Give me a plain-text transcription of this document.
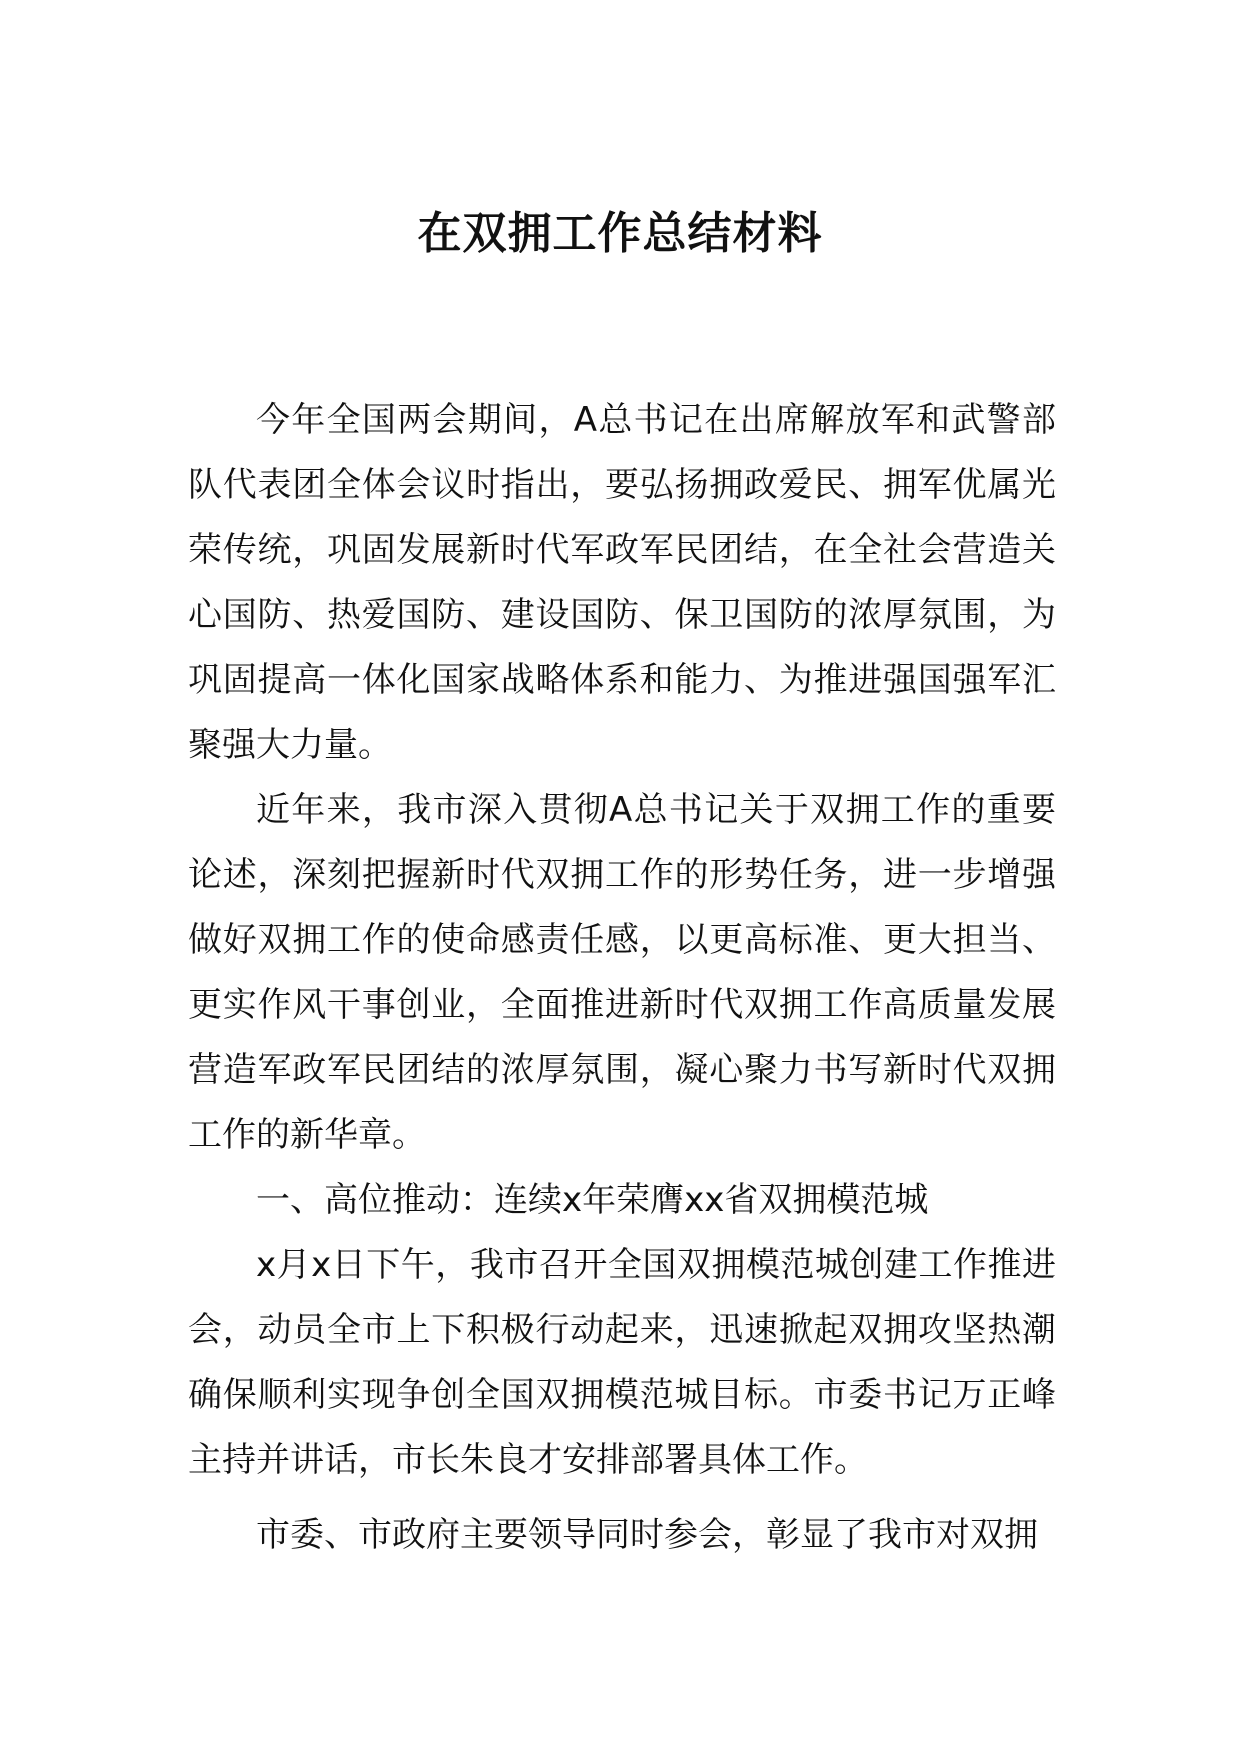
在双拥工作总结材料

今年全国两会期间，A总书记在出席解放军和武警部队代表团全体会议时指出，要弘扬拥政爱民、拥军优属光荣传统，巩固发展新时代军政军民团结，在全社会营造关心国防、热爱国防、建设国防、保卫国防的浓厚氛围，为巩固提高一体化国家战略体系和能力、为推进强国强军汇聚强大力量。

近年来，我市深入贯彻A总书记关于双拥工作的重要论述，深刻把握新时代双拥工作的形势任务，进一步增强做好双拥工作的使命感责任感，以更高标准、更大担当、更实作风干事创业，全面推进新时代双拥工作高质量发展营造军政军民团结的浓厚氛围，凝心聚力书写新时代双拥工作的新华章。

一、高位推动：连续x年荣膺xx省双拥模范城

x月x日下午，我市召开全国双拥模范城创建工作推进会，动员全市上下积极行动起来，迅速掀起双拥攻坚热潮确保顺利实现争创全国双拥模范城目标。市委书记万正峰主持并讲话，市长朱良才安排部署具体工作。

市委、市政府主要领导同时参会，彰显了我市对双拥
